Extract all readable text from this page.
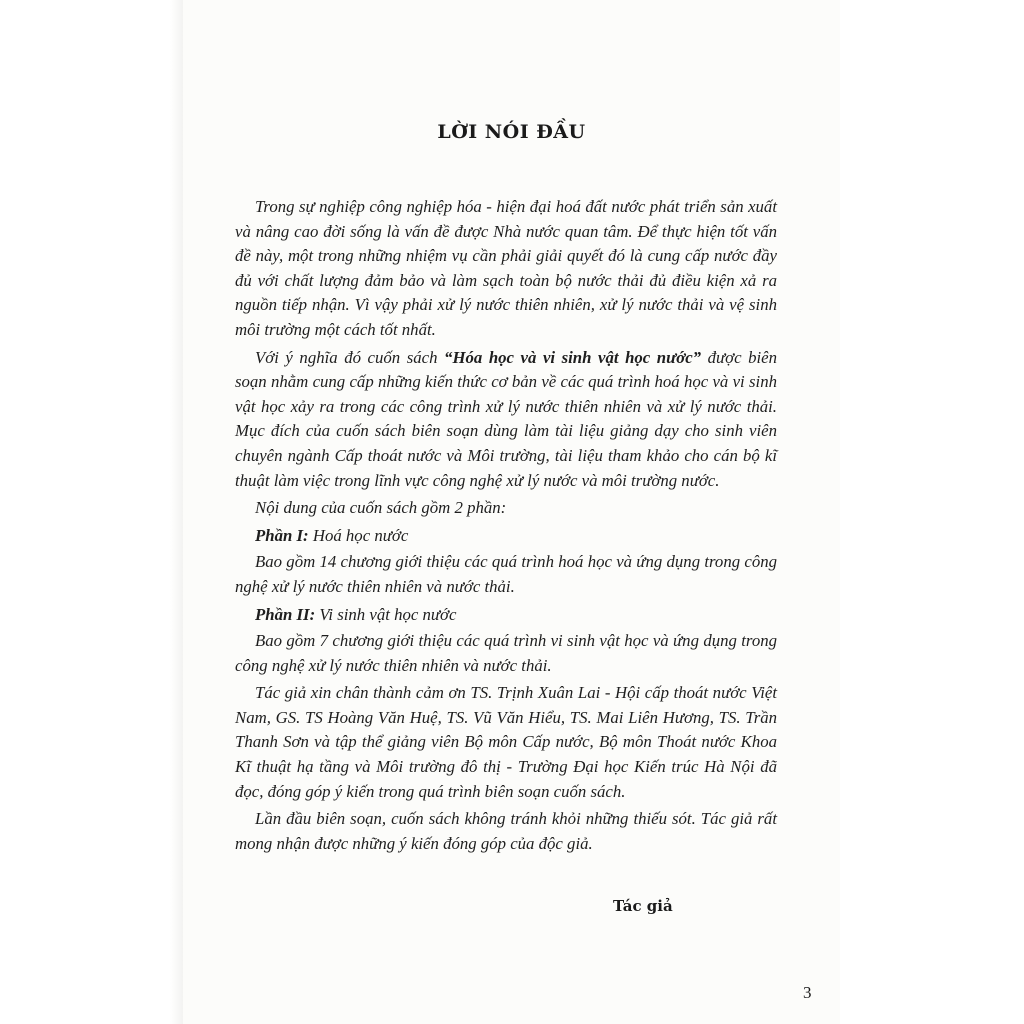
LỜI NÓI ĐẦU

Trong sự nghiệp công nghiệp hóa - hiện đại hoá đất nước phát triển sản xuất và nâng cao đời sống là vấn đề được Nhà nước quan tâm. Để thực hiện tốt vấn đề này, một trong những nhiệm vụ cần phải giải quyết đó là cung cấp nước đầy đủ với chất lượng đảm bảo và làm sạch toàn bộ nước thải đủ điều kiện xả ra nguồn tiếp nhận. Vì vậy phải xử lý nước thiên nhiên, xử lý nước thải và vệ sinh môi trường một cách tốt nhất.

Với ý nghĩa đó cuốn sách “Hóa học và vi sinh vật học nước” được biên soạn nhằm cung cấp những kiến thức cơ bản về các quá trình hoá học và vi sinh vật học xảy ra trong các công trình xử lý nước thiên nhiên và xử lý nước thải. Mục đích của cuốn sách biên soạn dùng làm tài liệu giảng dạy cho sinh viên chuyên ngành Cấp thoát nước và Môi trường, tài liệu tham khảo cho cán bộ kĩ thuật làm việc trong lĩnh vực công nghệ xử lý nước và môi trường nước.

Nội dung của cuốn sách gồm 2 phần:

Phần I: Hoá học nước

Bao gồm 14 chương giới thiệu các quá trình hoá học và ứng dụng trong công nghệ xử lý nước thiên nhiên và nước thải.

Phần II: Vi sinh vật học nước

Bao gồm 7 chương giới thiệu các quá trình vi sinh vật học và ứng dụng trong công nghệ xử lý nước thiên nhiên và nước thải.

Tác giả xin chân thành cảm ơn TS. Trịnh Xuân Lai - Hội cấp thoát nước Việt Nam, GS. TS Hoàng Văn Huệ, TS. Vũ Văn Hiểu, TS. Mai Liên Hương, TS. Trần Thanh Sơn và tập thể giảng viên Bộ môn Cấp nước, Bộ môn Thoát nước Khoa Kĩ thuật hạ tầng và Môi trường đô thị - Trường Đại học Kiến trúc Hà Nội đã đọc, đóng góp ý kiến trong quá trình biên soạn cuốn sách.

Lần đầu biên soạn, cuốn sách không tránh khỏi những thiếu sót. Tác giả rất mong nhận được những ý kiến đóng góp của độc giả.

Tác giả
3
